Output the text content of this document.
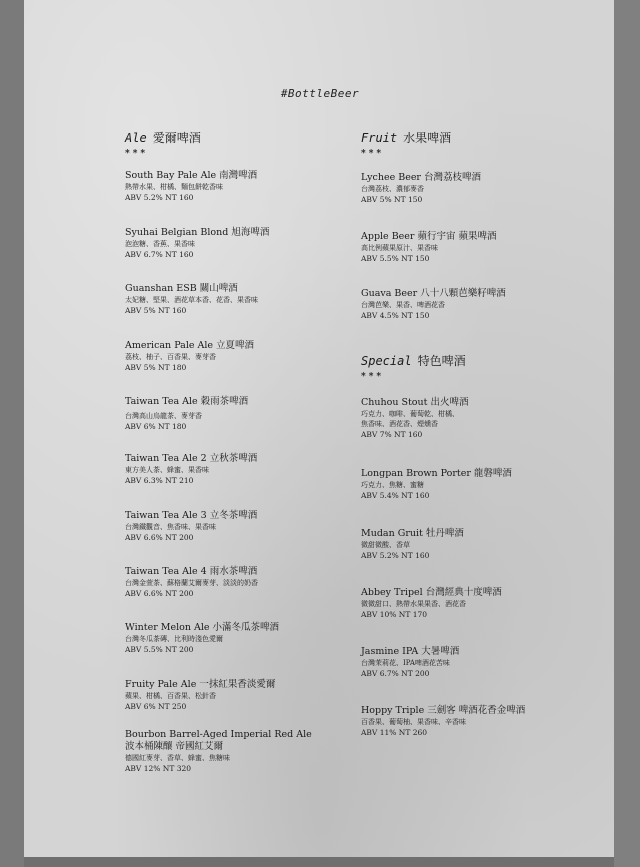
#BottleBeer
Ale 愛爾啤酒
***
South Bay Pale Ale 南灣啤酒
熱帶水果、柑橘、麵包餅乾香味
ABV 5.2% NT 160
Syuhai Belgian Blond 旭海啤酒
泡泡糖、香蕉、果香味
ABV 6.7% NT 160
Guanshan ESB 關山啤酒
太妃糖、堅果、酒花草本香、花香、果香味
ABV 5% NT 160
American Pale Ale 立夏啤酒
荔枝、柚子、百香果、麥芽香
ABV 5% NT 180
Taiwan Tea Ale 穀雨茶啤酒
台灣高山烏龍茶、麥芽香
ABV 6% NT 180
Taiwan Tea Ale 2 立秋茶啤酒
東方美人茶、蜂蜜、果香味
ABV 6.3% NT 210
Taiwan Tea Ale 3 立冬茶啤酒
台灣鐵觀音、焦香味、果香味
ABV 6.6% NT 200
Taiwan Tea Ale 4 雨水茶啤酒
台灣金萱茶、蘇格蘭艾爾麥芽、淡淡的奶香
ABV 6.6% NT 200
Winter Melon Ale 小滿冬瓜茶啤酒
台灣冬瓜茶磚、比利時淺色愛爾
ABV 5.5% NT 200
Fruity Pale Ale 一抹紅果香淡愛爾
蘋果、柑橘、百香果、松針香
ABV 6% NT 250
Bourbon Barrel-Aged Imperial Red Ale
波本桶陳釀 帝國紅艾爾
德國紅麥芽、香草、蜂蜜、焦糖味
ABV 12% NT 320
Fruit 水果啤酒
***
Lychee Beer 台灣荔枝啤酒
台灣荔枝、濃郁麥香
ABV 5% NT 150
Apple Beer 蘋行宇宙 蘋果啤酒
高比例蘋果原汁、果香味
ABV 5.5% NT 150
Guava Beer 八十八顆芭樂籽啤酒
台灣芭樂、果香、啤酒花香
ABV 4.5% NT 150
Special 特色啤酒
***
Chuhou Stout 出火啤酒
巧克力、咖啡、葡萄乾、柑橘、
焦香味、酒花香、煙燻香
ABV 7% NT 160
Longpan Brown Porter 龍磐啤酒
巧克力、焦糖、蜜糖
ABV 5.4% NT 160
Mudan Gruit 牡丹啤酒
微甜微酸、香草
ABV 5.2% NT 160
Abbey Tripel 台灣經典十度啤酒
微微甜口、熱帶水果果香、酒花香
ABV 10% NT 170
Jasmine IPA 大暑啤酒
台灣茉莉花、IPA啤酒花苦味
ABV 6.7% NT 200
Hoppy Triple 三劍客 啤酒花香金啤酒
百香果、葡萄柚、果香味、辛香味
ABV 11% NT 260
